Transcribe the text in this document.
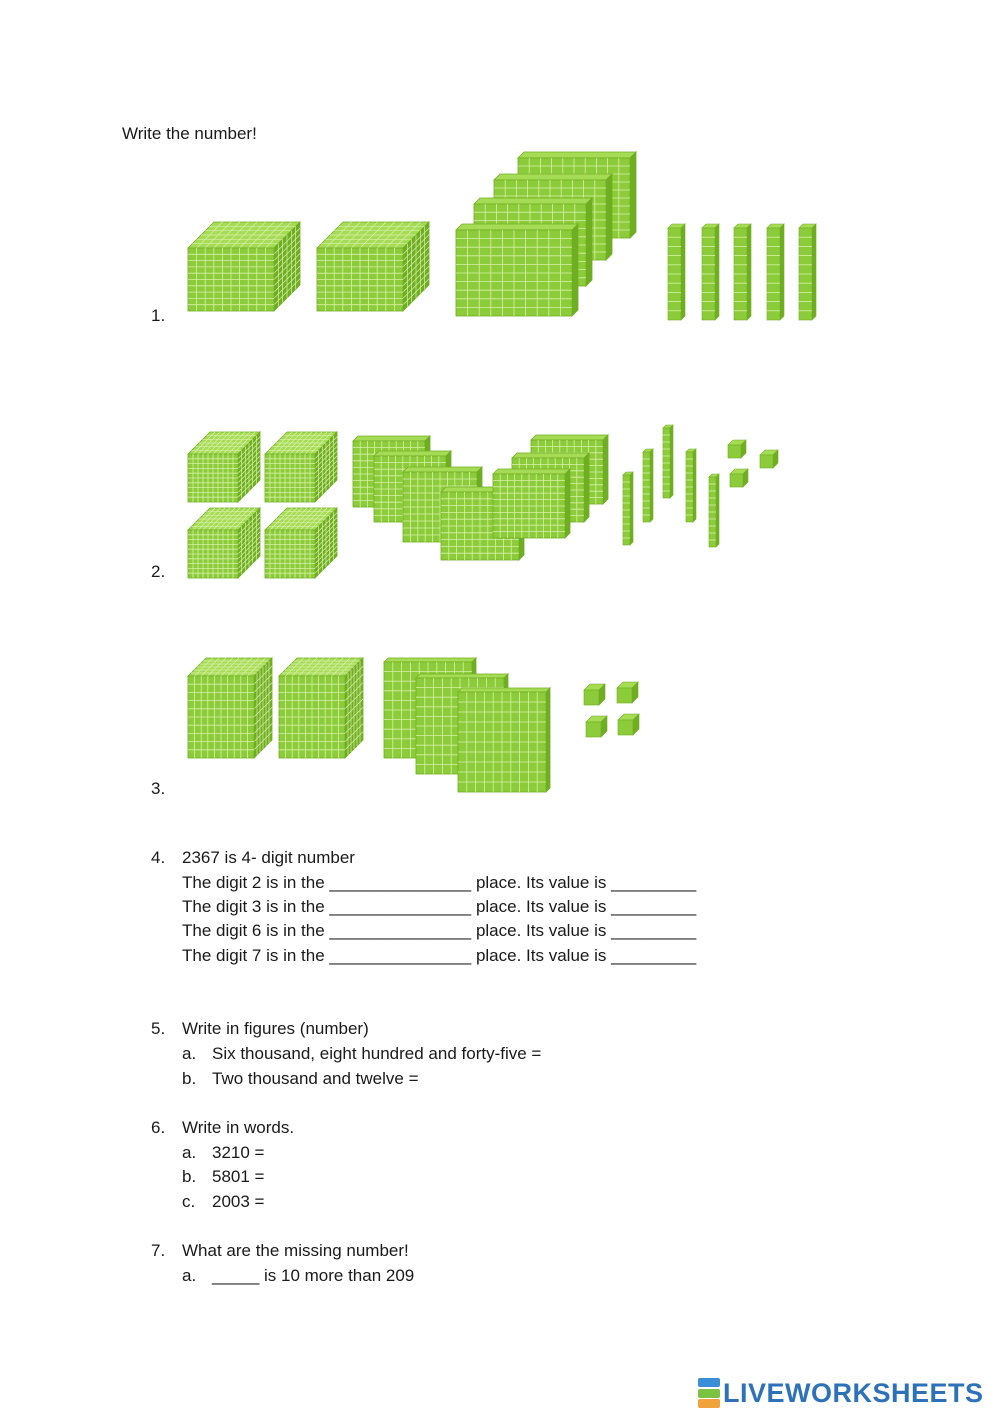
Write the number!
1.
2.
3.
4. 2367 is 4- digit number
The digit 2 is in the _______________ place. Its value is _________
The digit 3 is in the _______________ place. Its value is _________
The digit 6 is in the _______________ place. Its value is _________
The digit 7 is in the _______________ place. Its value is _________
5. Write in figures (number)
a. Six thousand, eight hundred and forty-five =
b. Two thousand and twelve =
6. Write in words.
a. 3210 =
b. 5801 =
c. 2003 =
7. What are the missing number!
a. _____ is 10 more than 209
LIVEWORKSHEETS
